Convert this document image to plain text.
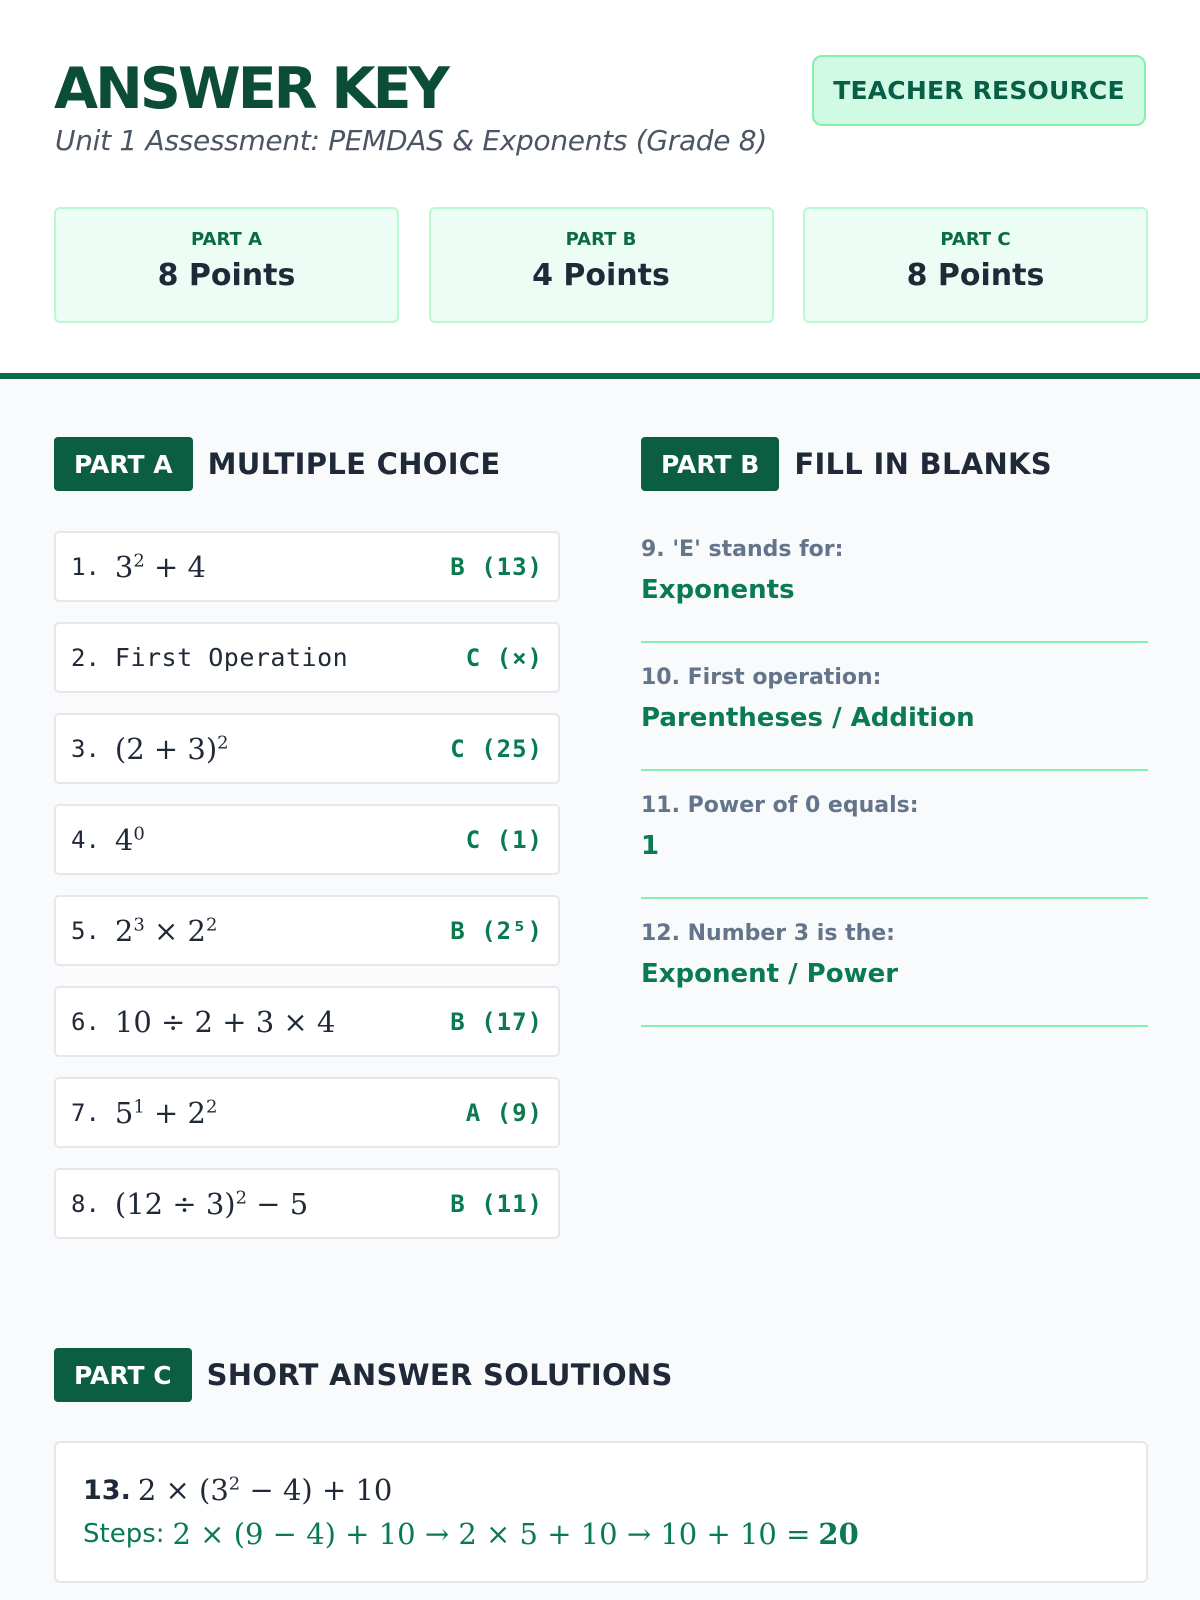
ANSWER KEY
Unit 1 Assessment: PEMDAS & Exponents (Grade 8)
TEACHER RESOURCE
PART A
8 Points
PART B
4 Points
PART C
8 Points
PART A	MULTIPLE CHOICE
1. $3^2 + 4$	B (13)
2. First Operation	C (×)
3. $(2 + 3)^2$	C (25)
4. $4^0$	C (1)
5. $2^3 \times 2^2$	B (2⁵)
6. 10 ÷ 2 + 3 × 4	B (17)
7. $5^1 + 2^2$	A (9)
8. $(12 \div 3)^2 - 5$	B (11)
PART B	FILL IN BLANKS
9. 'E' stands for:
Exponents
10. First operation:
Parentheses / Addition
11. Power of 0 equals:
1
12. Number 3 is the:
Exponent / Power
PART C	SHORT ANSWER SOLUTIONS
13. $2 \times (3^2 - 4) + 10$
Steps: 2 × (9 − 4) + 10 → 2 × 5 + 10 → 10 + 10 = 20
